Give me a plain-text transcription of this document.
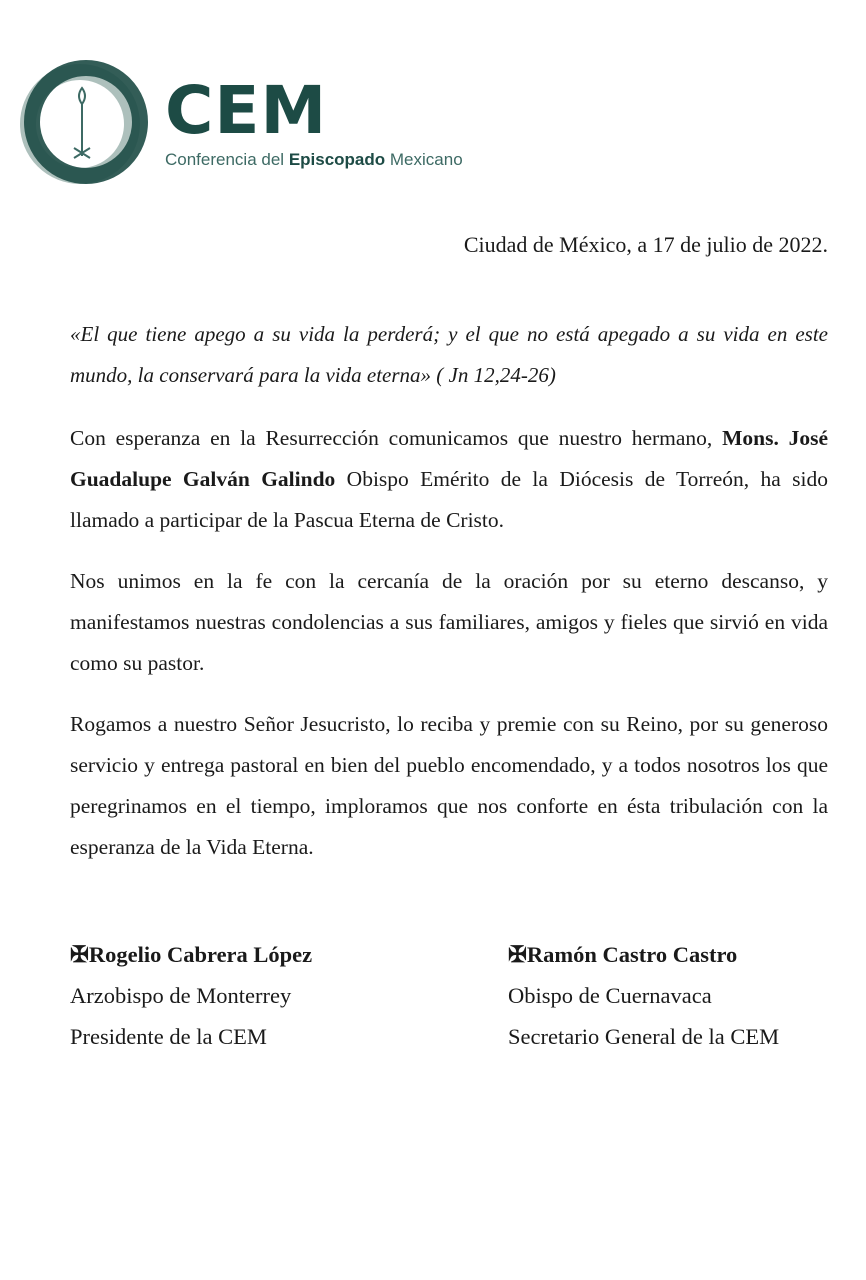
CEM
Conferencia del Episcopado Mexicano
Ciudad de México, a 17 de julio de 2022.

«El que tiene apego a su vida la perderá; y el que no está apegado a su vida en este mundo, la conservará para la vida eterna» ( Jn 12,24-26)

Con esperanza en la Resurrección comunicamos que nuestro hermano, Mons. José Guadalupe Galván Galindo Obispo Emérito de la Diócesis de Torreón, ha sido llamado a participar de la Pascua Eterna de Cristo.

Nos unimos en la fe con la cercanía de la oración por su eterno descanso, y manifestamos nuestras condolencias a sus familiares, amigos y fieles que sirvió en vida como su pastor.

Rogamos a nuestro Señor Jesucristo, lo reciba y premie con su Reino, por su generoso servicio y entrega pastoral en bien del pueblo encomendado, y a todos nosotros los que peregrinamos en el tiempo, imploramos que nos conforte en ésta tribulación con la esperanza de la Vida Eterna.

✠Rogelio Cabrera López
Arzobispo de Monterrey
Presidente de la CEM
✠Ramón Castro Castro
Obispo de Cuernavaca
Secretario General de la CEM
